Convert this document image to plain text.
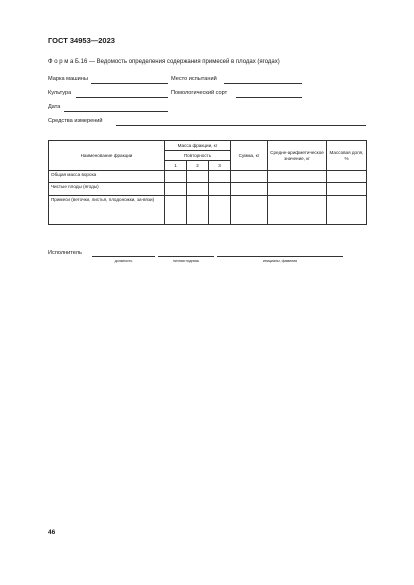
ГОСТ 34953—2023
Ф о р м а Б.16 — Ведомость определения содержания примесей в плодах (ягодах)
Марка машины	Место испытаний
Культура	Помологический сорт
Дата
Средства измерений
Наименование фракции	Масса фракции, кг			Сумма, кг	Средне-арифметическое значение, кг	Массовая доля, %
	Повторность					
	1	2	3			
Общая масса вороха						
Чистые плоды (ягоды)						
Примеси (веточки, листья, плодоножки, за-вязи)						
Исполнитель
должность	личная подпись	инициалы, фамилия
46
